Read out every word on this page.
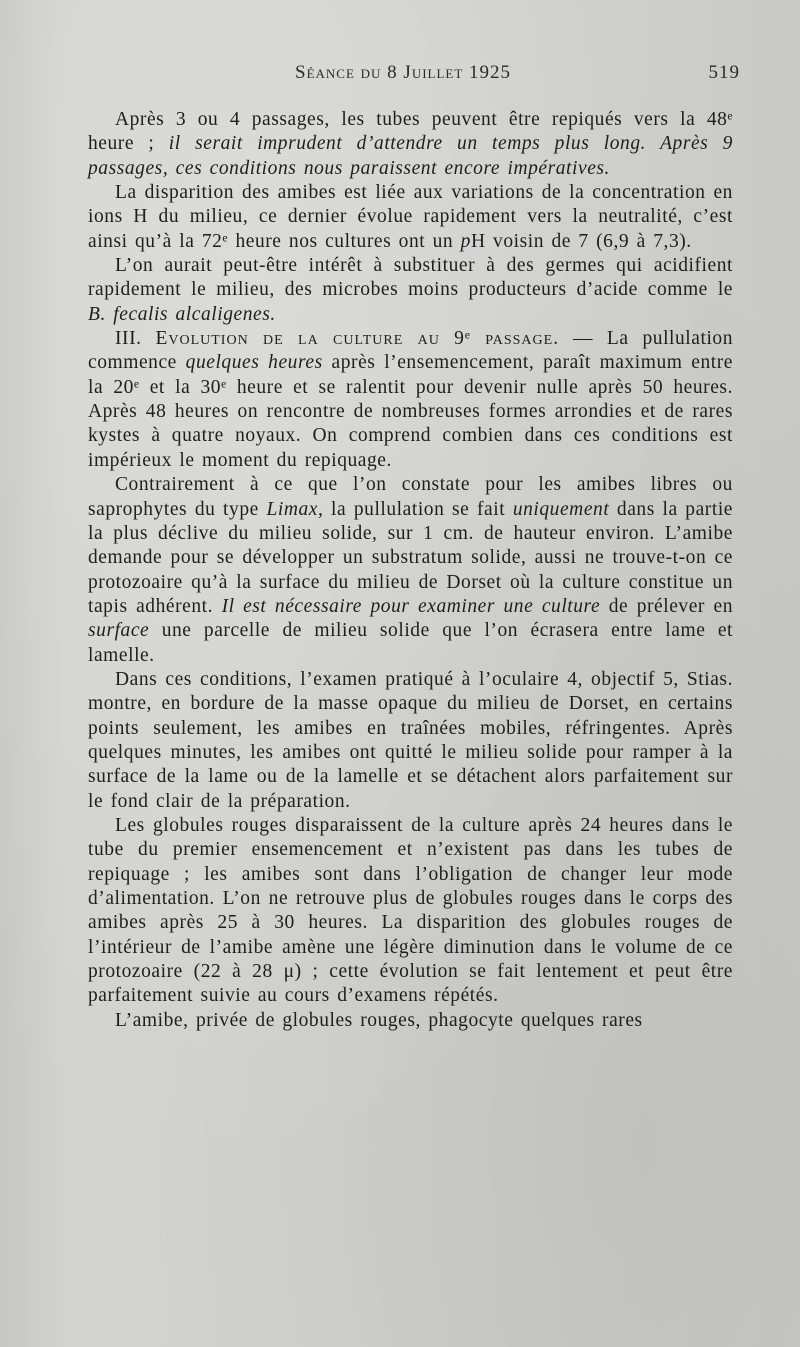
Séance du 8 Juillet 1925	519

Après 3 ou 4 passages, les tubes peuvent être repiqués vers la 48ᵉ heure ; il serait imprudent d’attendre un temps plus long. Après 9 passages, ces conditions nous paraissent encore impératives.

La disparition des amibes est liée aux variations de la concentration en ions H du milieu, ce dernier évolue rapidement vers la neutralité, c’est ainsi qu’à la 72ᵉ heure nos cultures ont un pH voisin de 7 (6,9 à 7,3).

L’on aurait peut-être intérêt à substituer à des germes qui acidifient rapidement le milieu, des microbes moins producteurs d’acide comme le B. fecalis alcaligenes.

III. Evolution de la culture au 9ᵉ passage. — La pullulation commence quelques heures après l’ensemencement, paraît maximum entre la 20ᵉ et la 30ᵉ heure et se ralentit pour devenir nulle après 50 heures. Après 48 heures on rencontre de nombreuses formes arrondies et de rares kystes à quatre noyaux. On comprend combien dans ces conditions est impérieux le moment du repiquage.

Contrairement à ce que l’on constate pour les amibes libres ou saprophytes du type Limax, la pullulation se fait uniquement dans la partie la plus déclive du milieu solide, sur 1 cm. de hauteur environ. L’amibe demande pour se développer un substratum solide, aussi ne trouve-t-on ce protozoaire qu’à la surface du milieu de Dorset où la culture constitue un tapis adhérent. Il est nécessaire pour examiner une culture de prélever en surface une parcelle de milieu solide que l’on écrasera entre lame et lamelle.

Dans ces conditions, l’examen pratiqué à l’oculaire 4, objectif 5, Stias. montre, en bordure de la masse opaque du milieu de Dorset, en certains points seulement, les amibes en traînées mobiles, réfringentes. Après quelques minutes, les amibes ont quitté le milieu solide pour ramper à la surface de la lame ou de la lamelle et se détachent alors parfaitement sur le fond clair de la préparation.

Les globules rouges disparaissent de la culture après 24 heures dans le tube du premier ensemencement et n’existent pas dans les tubes de repiquage ; les amibes sont dans l’obligation de changer leur mode d’alimentation. L’on ne retrouve plus de globules rouges dans le corps des amibes après 25 à 30 heures. La disparition des globules rouges de l’intérieur de l’amibe amène une légère diminution dans le volume de ce protozoaire (22 à 28 μ) ; cette évolution se fait lentement et peut être parfaitement suivie au cours d’examens répétés.

L’amibe, privée de globules rouges, phagocyte quelques rares
